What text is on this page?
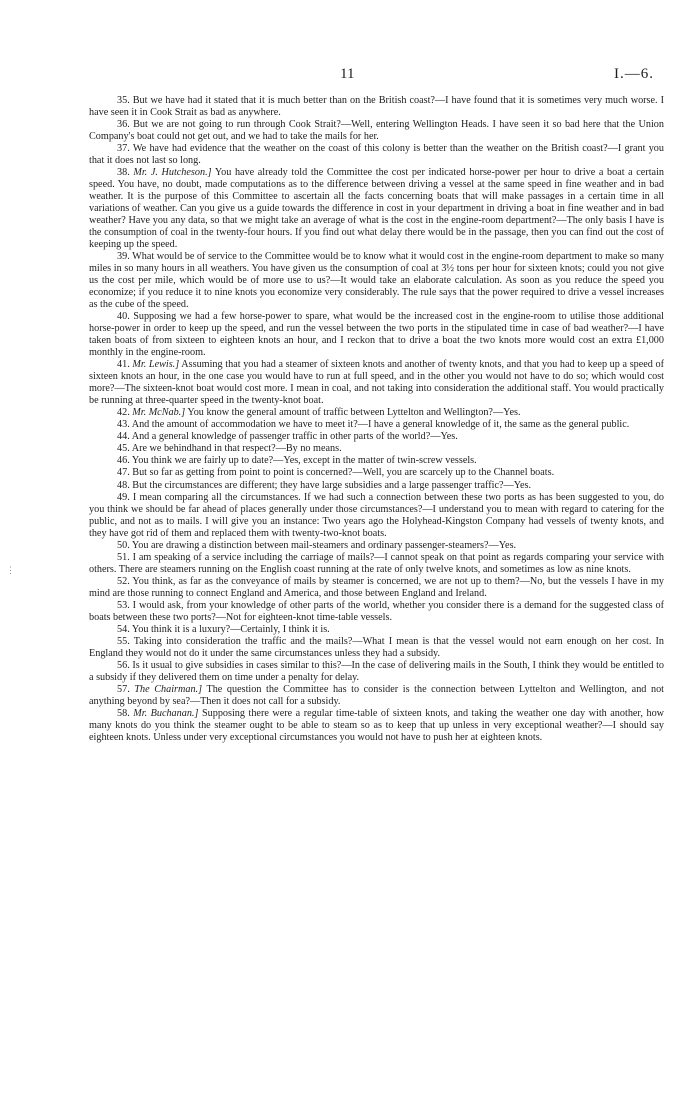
11	I.—6.
⋮

35. But we have had it stated that it is much better than on the British coast?—I have found that it is sometimes very much worse. I have seen it in Cook Strait as bad as anywhere.

36. But we are not going to run through Cook Strait?—Well, entering Wellington Heads. I have seen it so bad here that the Union Company's boat could not get out, and we had to take the mails for her.

37. We have had evidence that the weather on the coast of this colony is better than the weather on the British coast?—I grant you that it does not last so long.

38. Mr. J. Hutcheson.] You have already told the Committee the cost per indicated horse-power per hour to drive a boat a certain speed. You have, no doubt, made computations as to the difference between driving a vessel at the same speed in fine weather and in bad weather. It is the purpose of this Committee to ascertain all the facts concerning boats that will make passages in a certain time in all variations of weather. Can you give us a guide towards the difference in cost in your department in driving a boat in fine weather and in bad weather? Have you any data, so that we might take an average of what is the cost in the engine-room department?—The only basis I have is the consumption of coal in the twenty-four hours. If you find out what delay there would be in the passage, then you can find out the cost of keeping up the speed.

39. What would be of service to the Committee would be to know what it would cost in the engine-room department to make so many miles in so many hours in all weathers. You have given us the consumption of coal at 3½ tons per hour for sixteen knots; could you not give us the cost per mile, which would be of more use to us?—It would take an elaborate calculation. As soon as you reduce the speed you economize; if you reduce it to nine knots you economize very considerably. The rule says that the power required to drive a vessel increases as the cube of the speed.

40. Supposing we had a few horse-power to spare, what would be the increased cost in the engine-room to utilise those additional horse-power in order to keep up the speed, and run the vessel between the two ports in the stipulated time in case of bad weather?—I have taken boats of from sixteen to eighteen knots an hour, and I reckon that to drive a boat the two knots more would cost an extra £1,000 monthly in the engine-room.

41. Mr. Lewis.] Assuming that you had a steamer of sixteen knots and another of twenty knots, and that you had to keep up a speed of sixteen knots an hour, in the one case you would have to run at full speed, and in the other you would not have to do so; which would cost more?—The sixteen-knot boat would cost more. I mean in coal, and not taking into consideration the additional staff. You would practically be running at three-quarter speed in the twenty-knot boat.

42. Mr. McNab.] You know the general amount of traffic between Lyttelton and Wellington?—Yes.

43. And the amount of accommodation we have to meet it?—I have a general knowledge of it, the same as the general public.

44. And a general knowledge of passenger traffic in other parts of the world?—Yes.

45. Are we behindhand in that respect?—By no means.

46. You think we are fairly up to date?—Yes, except in the matter of twin-screw vessels.

47. But so far as getting from point to point is concerned?—Well, you are scarcely up to the Channel boats.

48. But the circumstances are different; they have large subsidies and a large passenger traffic?—Yes.

49. I mean comparing all the circumstances. If we had such a connection between these two ports as has been suggested to you, do you think we should be far ahead of places generally under those circumstances?—I understand you to mean with regard to catering for the public, and not as to mails. I will give you an instance: Two years ago the Holyhead-Kingston Company had vessels of twenty knots, and they have got rid of them and replaced them with twenty-two-knot boats.

50. You are drawing a distinction between mail-steamers and ordinary passenger-steamers?—Yes.

51. I am speaking of a service including the carriage of mails?—I cannot speak on that point as regards comparing your service with others. There are steamers running on the English coast running at the rate of only twelve knots, and sometimes as low as nine knots.

52. You think, as far as the conveyance of mails by steamer is concerned, we are not up to them?—No, but the vessels I have in my mind are those running to connect England and America, and those between England and Ireland.

53. I would ask, from your knowledge of other parts of the world, whether you consider there is a demand for the suggested class of boats between these two ports?—Not for eighteen-knot time-table vessels.

54. You think it is a luxury?—Certainly, I think it is.

55. Taking into consideration the traffic and the mails?—What I mean is that the vessel would not earn enough on her cost. In England they would not do it under the same circumstances unless they had a subsidy.

56. Is it usual to give subsidies in cases similar to this?—In the case of delivering mails in the South, I think they would be entitled to a subsidy if they delivered them on time under a penalty for delay.

57. The Chairman.] The question the Committee has to consider is the connection between Lyttelton and Wellington, and not anything beyond by sea?—Then it does not call for a subsidy.

58. Mr. Buchanan.] Supposing there were a regular time-table of sixteen knots, and taking the weather one day with another, how many knots do you think the steamer ought to be able to steam so as to keep that up unless in very exceptional weather?—I should say eighteen knots. Unless under very exceptional circumstances you would not have to push her at eighteen knots.
